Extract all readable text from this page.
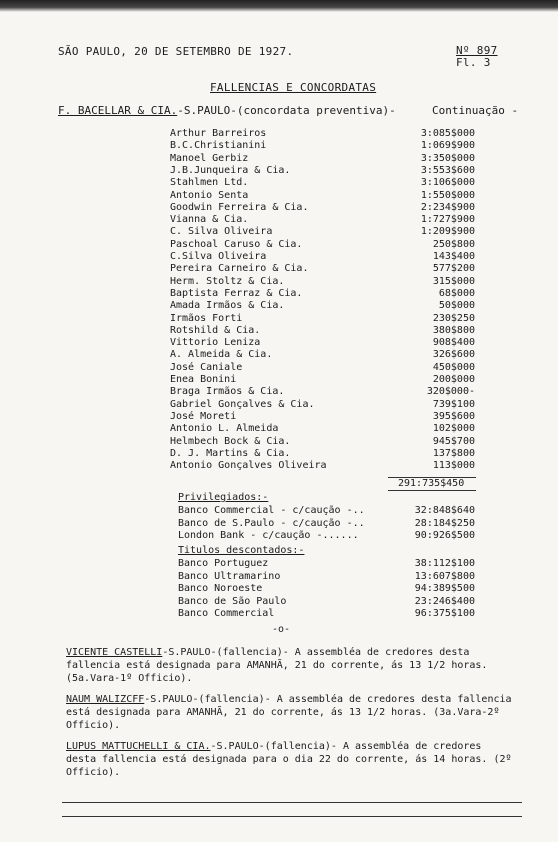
SÃO PAULO, 20 DE SETEMBRO DE 1927.	Nº 897
Fl. 3
FALLENCIAS E CONCORDATAS
F. BACELLAR & CIA.-S.PAULO-(concordata preventiva)-	Continuação -
Arthur Barreiros	3:085$000
B.C.Christianini	1:069$900
Manoel Gerbiz	3:350$000
J.B.Junqueira & Cia.	3:553$600
Stahlmen Ltd.	3:106$000
Antonio Senta	1:550$000
Goodwin Ferreira & Cia.	2:234$900
Vianna & Cia.	1:727$900
C. Silva Oliveira	1:209$900
Paschoal Caruso & Cia.	250$800
C.Silva Oliveira	143$400
Pereira Carneiro & Cia.	577$200
Herm. Stoltz & Cia.	315$000
Baptista Ferraz & Cia.	68$000
Amada Irmãos & Cia.	50$000
Irmãos Forti	230$250
Rotshild & Cia.	380$800
Vittorio Leniza	908$400
A. Almeida & Cia.	326$600
José Caniale	450$000
Enea Bonini	200$000
Braga Irmãos & Cia.	320$000-
Gabriel Gonçalves & Cia.	739$100
José Moreti	395$600
Antonio L. Almeida	102$000
Helmbech Bock & Cia.	945$700
D. J. Martins & Cia.	137$800
Antonio Gonçalves Oliveira	113$000
291:735$450
Privilegiados:-
Banco Commercial - c/caução -..	32:848$640
Banco de S.Paulo - c/caução -..	28:184$250
London Bank - c/caução -......	90:926$500
Titulos descontados:-
Banco Portuguez	38:112$100
Banco Ultramarino	13:607$800
Banco Noroeste	94:389$500
Banco de São Paulo	23:246$400
Banco Commercial	96:375$100
-o-
VICENTE CASTELLI-S.PAULO-(fallencia)- A assembléa de credores desta fallencia está designada para AMANHÃ, 21 do corrente, ás 13 1/2 horas. (5a.Vara-1º Officio).
NAUM WALIZCFF-S.PAULO-(fallencia)- A assembléa de credores desta fallencia está designada para AMANHÃ, 21 do corrente, ás 13 1/2 horas. (3a.Vara-2º Officio).
LUPUS MATTUCHELLI & CIA.-S.PAULO-(fallencia)- A assembléa de credores desta fallencia está designada para o dia 22 do corrente, ás 14 horas. (2º Officio).
